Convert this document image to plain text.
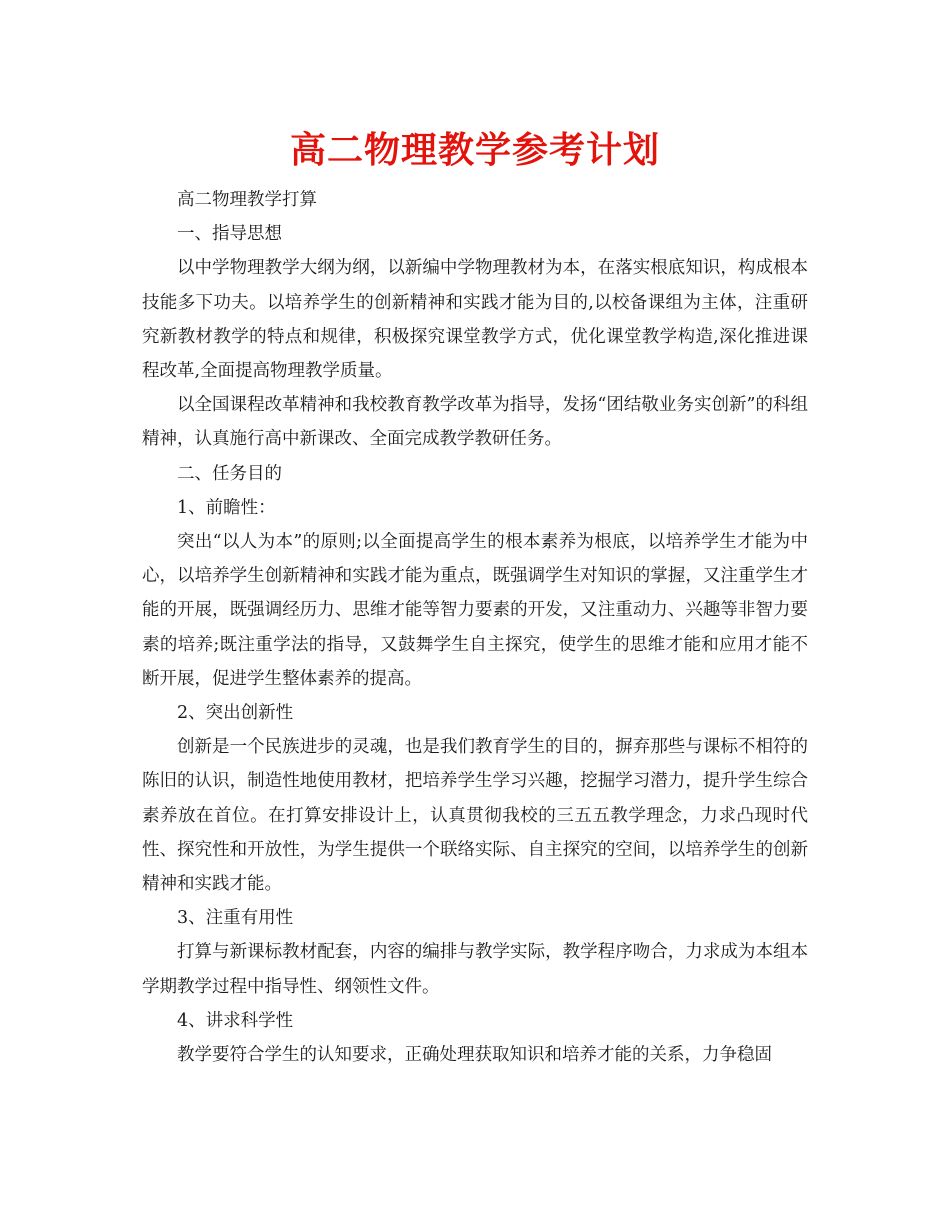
高二物理教学参考计划

高二物理教学打算

一、指导思想

以中学物理教学大纲为纲，以新编中学物理教材为本，在落实根底知识，构成根本技能多下功夫。以培养学生的创新精神和实践才能为目的,以校备课组为主体，注重研究新教材教学的特点和规律，积极探究课堂教学方式，优化课堂教学构造,深化推进课程改革,全面提高物理教学质量。

以全国课程改革精神和我校教育教学改革为指导，发扬“团结敬业务实创新”的科组精神，认真施行高中新课改、全面完成教学教研任务。

二、任务目的

1、前瞻性：

突出“以人为本”的原则;以全面提高学生的根本素养为根底，以培养学生才能为中心，以培养学生创新精神和实践才能为重点，既强调学生对知识的掌握，又注重学生才能的开展，既强调经历力、思维才能等智力要素的开发，又注重动力、兴趣等非智力要素的培养;既注重学法的指导，又鼓舞学生自主探究，使学生的思维才能和应用才能不断开展，促进学生整体素养的提高。

2、突出创新性

创新是一个民族进步的灵魂，也是我们教育学生的目的，摒弃那些与课标不相符的陈旧的认识，制造性地使用教材，把培养学生学习兴趣，挖掘学习潜力，提升学生综合素养放在首位。在打算安排设计上，认真贯彻我校的三五五教学理念，力求凸现时代性、探究性和开放性，为学生提供一个联络实际、自主探究的空间，以培养学生的创新精神和实践才能。

3、注重有用性

打算与新课标教材配套，内容的编排与教学实际，教学程序吻合，力求成为本组本学期教学过程中指导性、纲领性文件。

4、讲求科学性

教学要符合学生的认知要求，正确处理获取知识和培养才能的关系，力争稳固
